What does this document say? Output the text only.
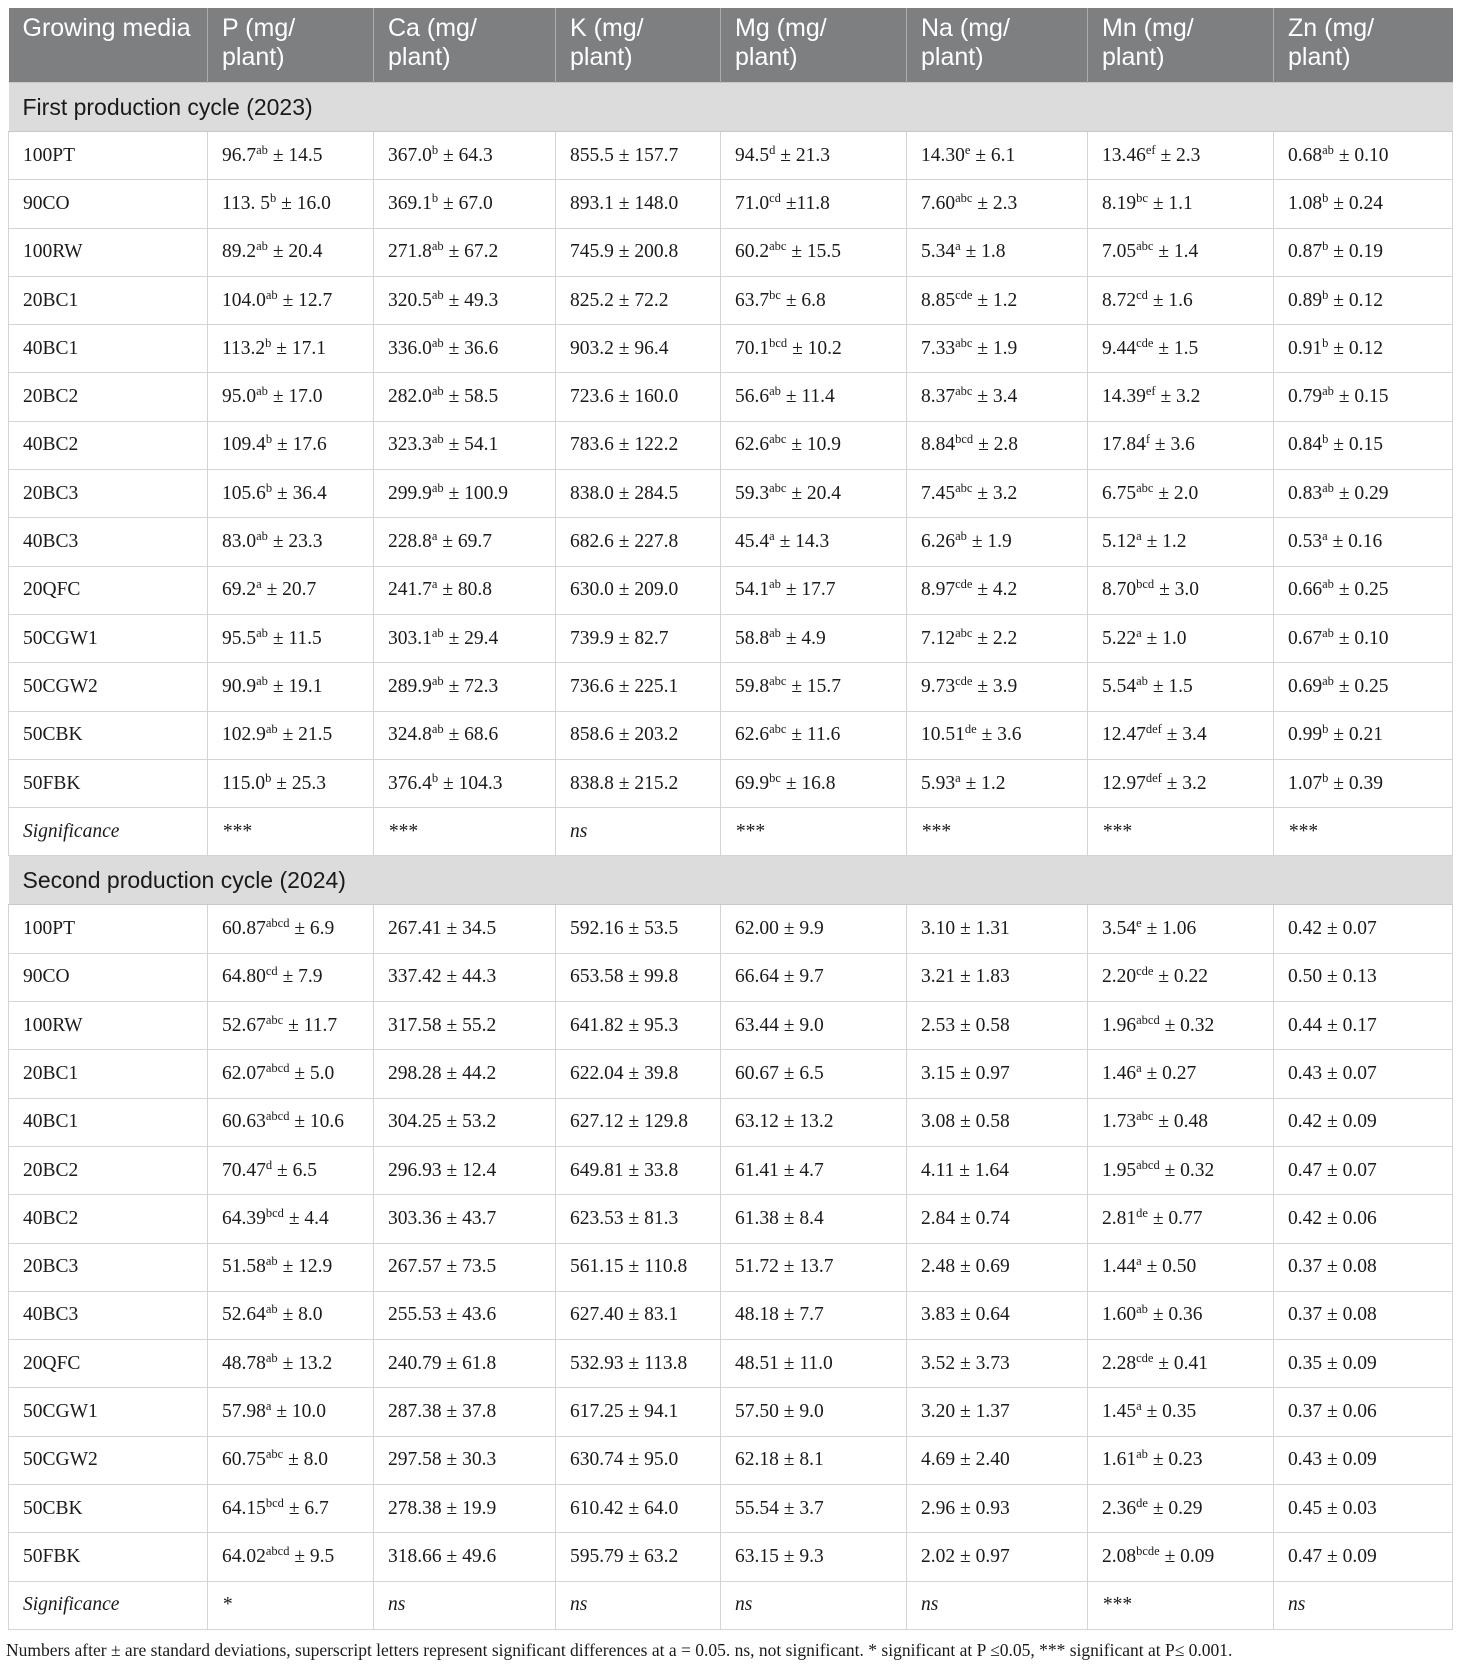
Growing media	P (mg/ plant)	Ca (mg/ plant)	K (mg/ plant)	Mg (mg/ plant)	Na (mg/ plant)	Mn (mg/ plant)	Zn (mg/ plant)
First production cycle (2023)							
100PT	96.7$^{ab}$ ± 14.5	367.0$^b$ ± 64.3	855.5 ± 157.7	94.5$^d$ ± 21.3	14.30$^e$ ± 6.1	13.46$^{ef}$ ± 2.3	0.68$^{ab}$ ± 0.10
90CO	113. $5^b \pm 16.0$	369.1$^b$ ± 67.0	893.1 ± 148.0	71.0$^{cd}$ ±11.8	7.60$^{abc}$ ± 2.3	8.19$^{bc}$ ± 1.1	1.08$^b$ ± 0.24
100RW	89.2$^{ab}$ ± 20.4	271.8$^{ab}$ ± 67.2	745.9 ± 200.8	60.2$^{abc}$ ± 15.5	5.34$^a$ ± 1.8	7.05$^{abc}$ ± 1.4	0.87$^b$ ± 0.19
20BC1	104.0$^{ab}$ ± 12.7	320.5$^{ab}$ ± 49.3	825.2 ± 72.2	63.7$^{bc}$ ± 6.8	8.85$^{cde}$ ± 1.2	8.72$^{cd}$ ± 1.6	0.89$^b$ ± 0.12
40BC1	113.2$^b$ ± 17.1	336.0$^{ab}$ ± 36.6	903.2 ± 96.4	70.1$^{bcd}$ ± 10.2	7.33$^{abc}$ ± 1.9	9.44$^{cde}$ ± 1.5	0.91$^b$ ± 0.12
20BC2	95.0$^{ab}$ ± 17.0	282.0$^{ab}$ ± 58.5	723.6 ± 160.0	56.6$^{ab}$ ± 11.4	8.37$^{abc}$ ± 3.4	14.39$^{ef}$ ± 3.2	0.79$^{ab}$ ± 0.15
40BC2	109.4$^b$ ± 17.6	323.3$^{ab}$ ± 54.1	783.6 ± 122.2	62.6$^{abc}$ ± 10.9	8.84$^{bcd}$ ± 2.8	17.84$^f$ ± 3.6	0.84$^b$ ± 0.15
20BC3	105.6$^b$ ± 36.4	299.9$^{ab}$ ± 100.9	838.0 ± 284.5	59.3$^{abc}$ ± 20.4	7.45$^{abc}$ ± 3.2	6.75$^{abc}$ ± 2.0	0.83$^{ab}$ ± 0.29
40BC3	83.0$^{ab}$ ± 23.3	228.8$^a$ ± 69.7	682.6 ± 227.8	45.4$^a$ ± 14.3	6.26$^{ab}$ ± 1.9	5.12$^a$ ± 1.2	0.53$^a$ ± 0.16
20QFC	69.2$^a$ ± 20.7	241.7$^a$ ± 80.8	630.0 ± 209.0	54.1$^{ab}$ ± 17.7	8.97$^{cde}$ ± 4.2	8.70$^{bcd}$ ± 3.0	0.66$^{ab}$ ± 0.25
50CGW1	95.5$^{ab}$ ± 11.5	303.1$^{ab}$ ± 29.4	739.9 ± 82.7	58.8$^{ab}$ ± 4.9	7.12$^{abc}$ ± 2.2	5.22$^a$ ± 1.0	0.67$^{ab}$ ± 0.10
50CGW2	90.9$^{ab}$ ± 19.1	289.9$^{ab}$ ± 72.3	736.6 ± 225.1	59.8$^{abc}$ ± 15.7	9.73$^{cde}$ ± 3.9	5.54$^{ab}$ ± 1.5	0.69$^{ab}$ ± 0.25
50CBK	102.9$^{ab}$ ± 21.5	324.8$^{ab}$ ± 68.6	858.6 ± 203.2	62.6$^{abc}$ ± 11.6	10.51de ± 3.6	12.47$^{def}$ ± 3.4	0.99$^b$ ± 0.21
50FBK	115.0$^b$ ± 25.3	376.4$^b$ ± 104.3	838.8 ± 215.2	69.9$^{bc}$ ± 16.8	5.93$^a$ ± 1.2	12.97$^{def}$ ± 3.2	1.07$^b$ ± 0.39
Significance	***	***	ns	***	***	***	***
Second production cycle (2024)							
100PT	$60.87^{abcd} \pm 6.9$	267.41 ± 34.5	592.16 ± 53.5	62.00 ± 9.9	3.10 ± 1.31	3.54$^e$ ± 1.06	0.42 ± 0.07
90CO	64.80$^{cd}$ ± 7.9	337.42 ± 44.3	653.58 ± 99.8	66.64 ± 9.7	3.21 ± 1.83	2.20$^{cde}$ ± 0.22	0.50 ± 0.13
100RW	52.67$^{abc}$ ± 11.7	317.58 ± 55.2	641.82 ± 95.3	63.44 ± 9.0	2.53 ± 0.58	$1.96^{abcd} \pm 0.32$	0.44 ± 0.17
20BC1	$62.07^{abcd} \pm 5.0$	298.28 ± 44.2	622.04 ± 39.8	60.67 ± 6.5	3.15 ± 0.97	1.46$^a$ ± 0.27	0.43 ± 0.07
40BC1	$60.63^{abcd} \pm 10.6$	304.25 ± 53.2	627.12 ± 129.8	63.12 ± 13.2	3.08 ± 0.58	1.73$^{abc}$ ± 0.48	0.42 ± 0.09
20BC2	70.47$^d$ ± 6.5	296.93 ± 12.4	649.81 ± 33.8	61.41 ± 4.7	4.11 ± 1.64	$1.95^{abcd} \pm 0.32$	0.47 ± 0.07
40BC2	64.39$^{bcd}$ ± 4.4	303.36 ± 43.7	623.53 ± 81.3	61.38 ± 8.4	2.84 ± 0.74	2.81de ± 0.77	0.42 ± 0.06
20BC3	51.58$^{ab}$ ± 12.9	267.57 ± 73.5	561.15 ± 110.8	51.72 ± 13.7	2.48 ± 0.69	1.44$^a$ ± 0.50	0.37 ± 0.08
40BC3	52.64$^{ab}$ ± 8.0	255.53 ± 43.6	627.40 ± 83.1	48.18 ± 7.7	3.83 ± 0.64	1.60$^{ab}$ ± 0.36	0.37 ± 0.08
20QFC	48.78$^{ab}$ ± 13.2	240.79 ± 61.8	532.93 ± 113.8	48.51 ± 11.0	3.52 ± 3.73	2.28$^{cde}$ ± 0.41	0.35 ± 0.09
50CGW1	57.98$^a$ ± 10.0	287.38 ± 37.8	617.25 ± 94.1	57.50 ± 9.0	3.20 ± 1.37	1.45$^a$ ± 0.35	0.37 ± 0.06
50CGW2	60.75$^{abc}$ ± 8.0	297.58 ± 30.3	630.74 ± 95.0	62.18 ± 8.1	4.69 ± 2.40	1.61$^{ab}$ ± 0.23	0.43 ± 0.09
50CBK	64.15$^{bcd}$ ± 6.7	278.38 ± 19.9	610.42 ± 64.0	55.54 ± 3.7	2.96 ± 0.93	2.36de ± 0.29	0.45 ± 0.03
50FBK	$64.02^{abcd} \pm 9.5$	318.66 ± 49.6	595.79 ± 63.2	63.15 ± 9.3	2.02 ± 0.97	$2.08^{bcde} \pm 0.09$	0.47 ± 0.09
Significance	*	ns	ns	ns	ns	***	ns
Numbers after ± are standard deviations, superscript letters represent significant differences at a = 0.05. ns, not significant. * significant at P ≤0.05, *** significant at P≤ 0.001.
